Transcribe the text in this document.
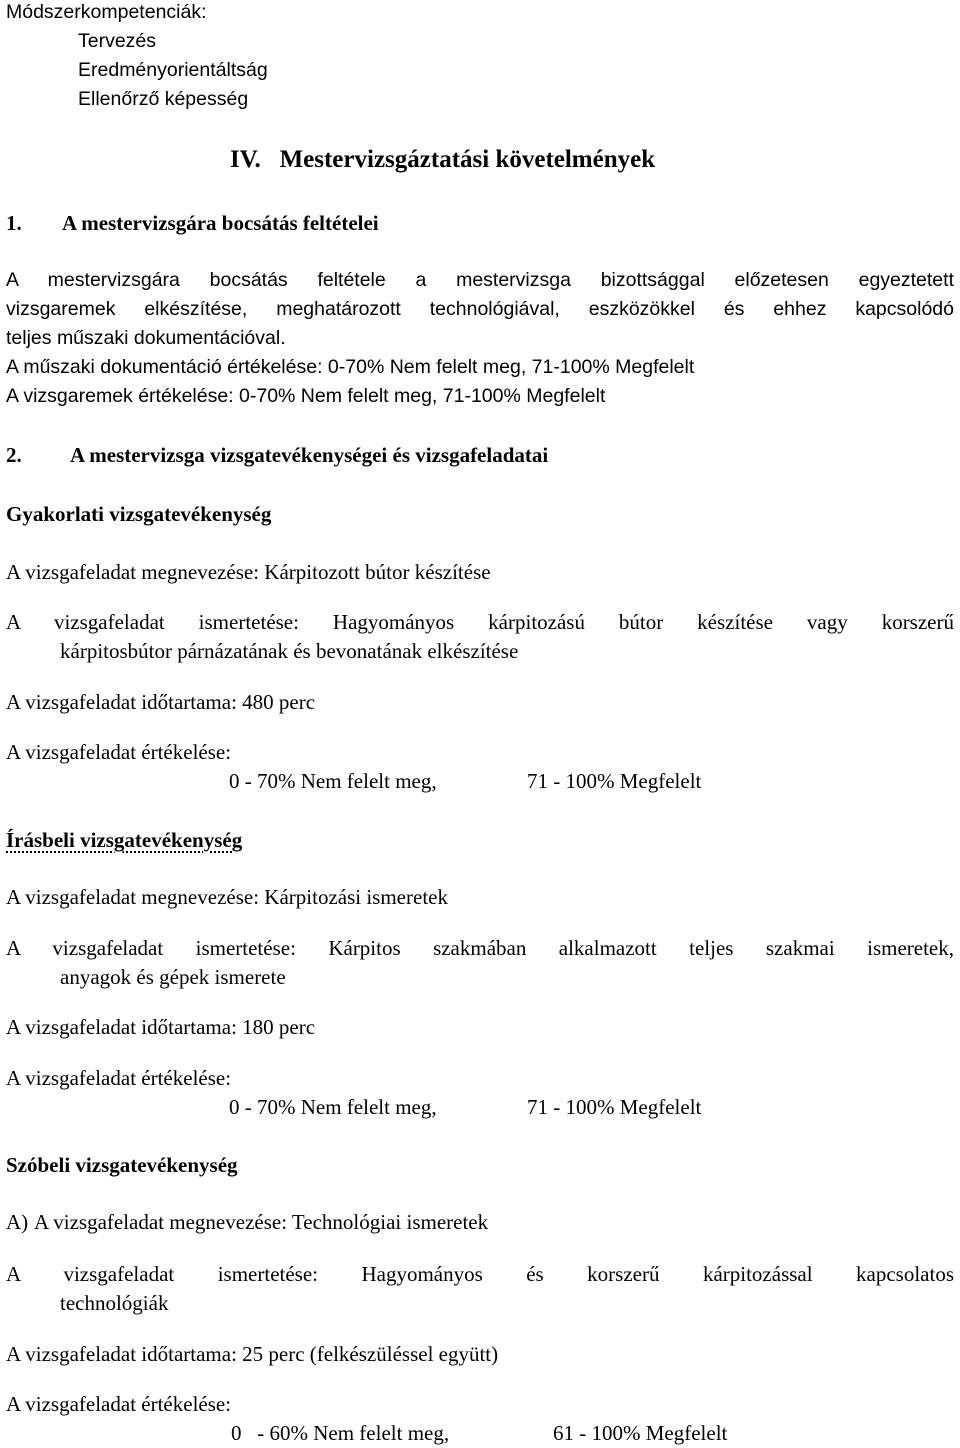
Módszerkompetenciák:
Tervezés
Eredményorientáltság
Ellenőrző képesség
IV. Mestervizsgáztatási követelmények
1. A mestervizsgára bocsátás feltételei
A mestervizsgára bocsátás feltétele a mestervizsga bizottsággal előzetesen egyeztetett
vizsgaremek elkészítése, meghatározott technológiával, eszközökkel és ehhez kapcsolódó
teljes műszaki dokumentációval.
A műszaki dokumentáció értékelése: 0-70% Nem felelt meg, 71-100% Megfelelt
A vizsgaremek értékelése: 0-70% Nem felelt meg, 71-100% Megfelelt
2. A mestervizsga vizsgatevékenységei és vizsgafeladatai
Gyakorlati vizsgatevékenység
A vizsgafeladat megnevezése: Kárpitozott bútor készítése
A vizsgafeladat ismertetése: Hagyományos kárpitozású bútor készítése vagy korszerű
kárpitosbútor párnázatának és bevonatának elkészítése
A vizsgafeladat időtartama: 480 perc
A vizsgafeladat értékelése:
0 - 70% Nem felelt meg,	71 - 100% Megfelelt
Írásbeli vizsgatevékenység
A vizsgafeladat megnevezése: Kárpitozási ismeretek
A vizsgafeladat ismertetése: Kárpitos szakmában alkalmazott teljes szakmai ismeretek,
anyagok és gépek ismerete
A vizsgafeladat időtartama: 180 perc
A vizsgafeladat értékelése:
0 - 70% Nem felelt meg,	71 - 100% Megfelelt
Szóbeli vizsgatevékenység
A) A vizsgafeladat megnevezése: Technológiai ismeretek
A vizsgafeladat ismertetése: Hagyományos és korszerű kárpitozással kapcsolatos
technológiák
A vizsgafeladat időtartama: 25 perc (felkészüléssel együtt)
A vizsgafeladat értékelése:
0   - 60% Nem felelt meg,	61 - 100% Megfelelt
